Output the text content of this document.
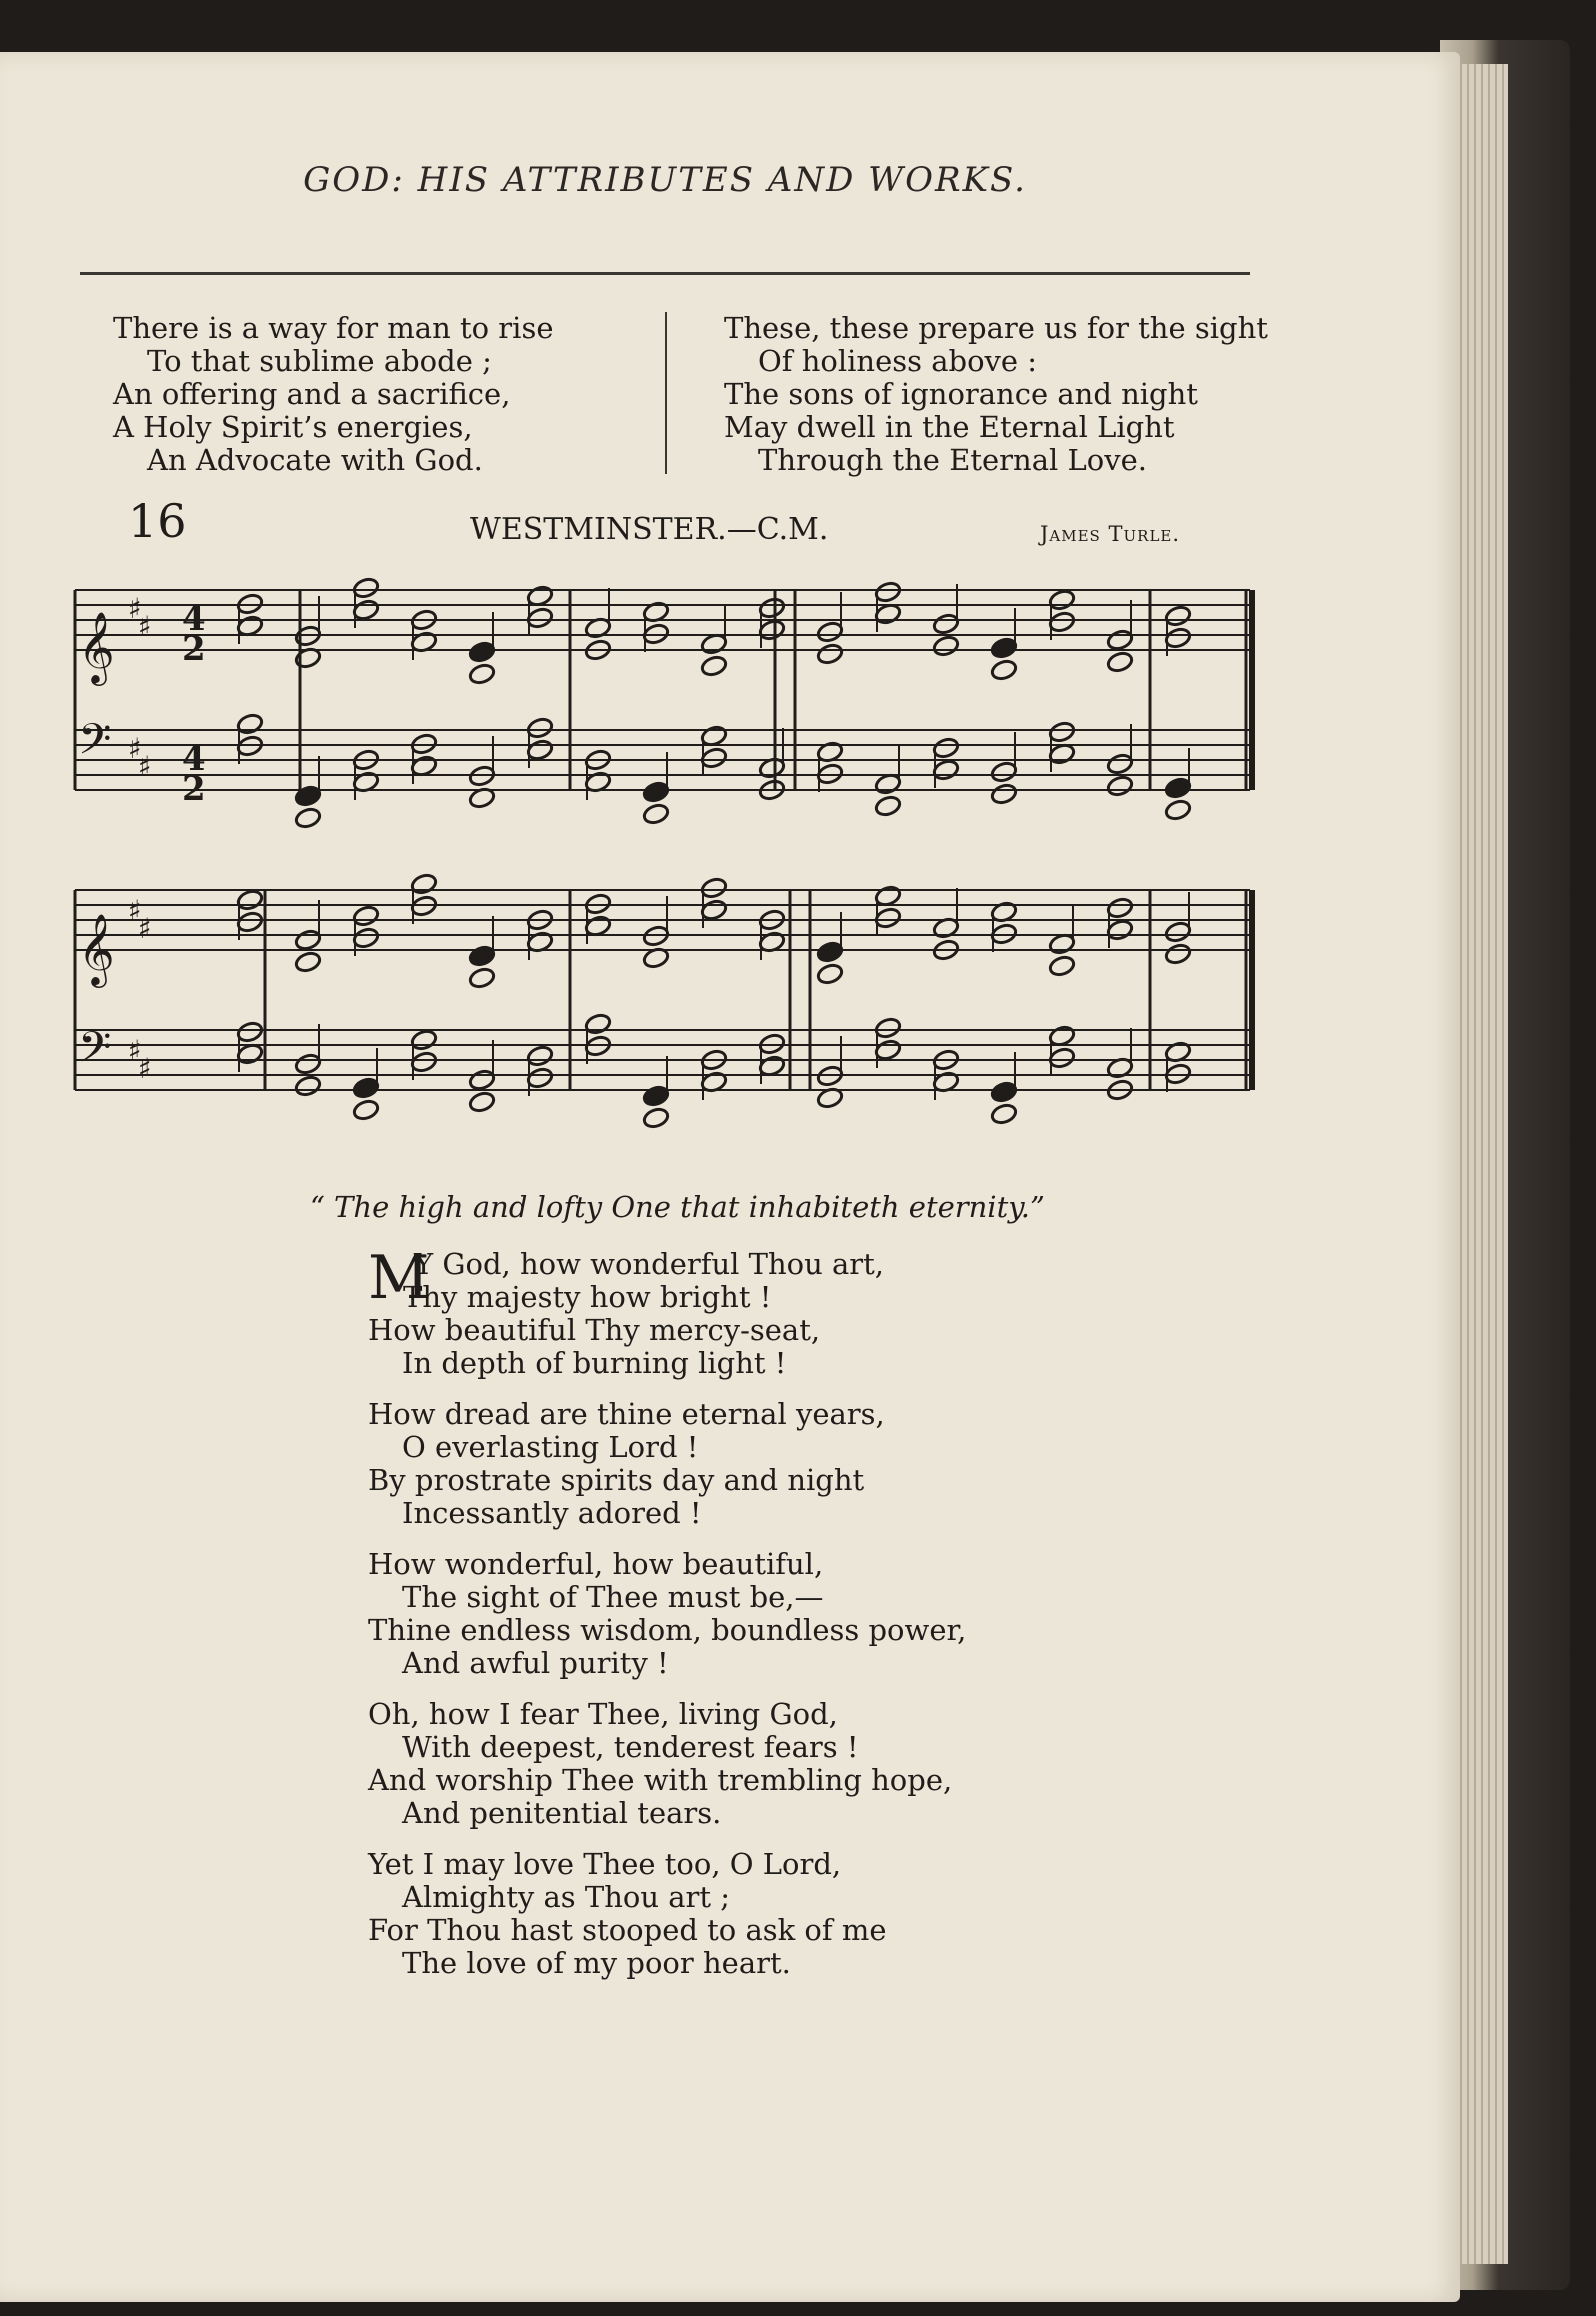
GOD: HIS ATTRIBUTES AND WORKS.
There is a way for man to rise
To that sublime abode ;
An offering and a sacrifice,
A Holy Spirit’s energies,
An Advocate with God.
These, these prepare us for the sight
Of holiness above :
The sons of ignorance and night
May dwell in the Eternal Light
Through the Eternal Love.
16	WESTMINSTER.—C.M.	James Turle.
𝄞
𝄢
𝄞
𝄢
♯
♯
♯
♯
♯
♯
♯
♯
4
2
4
2
“ The high and lofty One that inhabiteth eternity.”
M
Y God, how wonderful Thou art,
Thy majesty how bright !
How beautiful Thy mercy-seat,
In depth of burning light !
How dread are thine eternal years,
O everlasting Lord !
By prostrate spirits day and night
Incessantly adored !
How wonderful, how beautiful,
The sight of Thee must be,—
Thine endless wisdom, boundless power,
And awful purity !
Oh, how I fear Thee, living God,
With deepest, tenderest fears !
And worship Thee with trembling hope,
And penitential tears.
Yet I may love Thee too, O Lord,
Almighty as Thou art ;
For Thou hast stooped to ask of me
The love of my poor heart.
